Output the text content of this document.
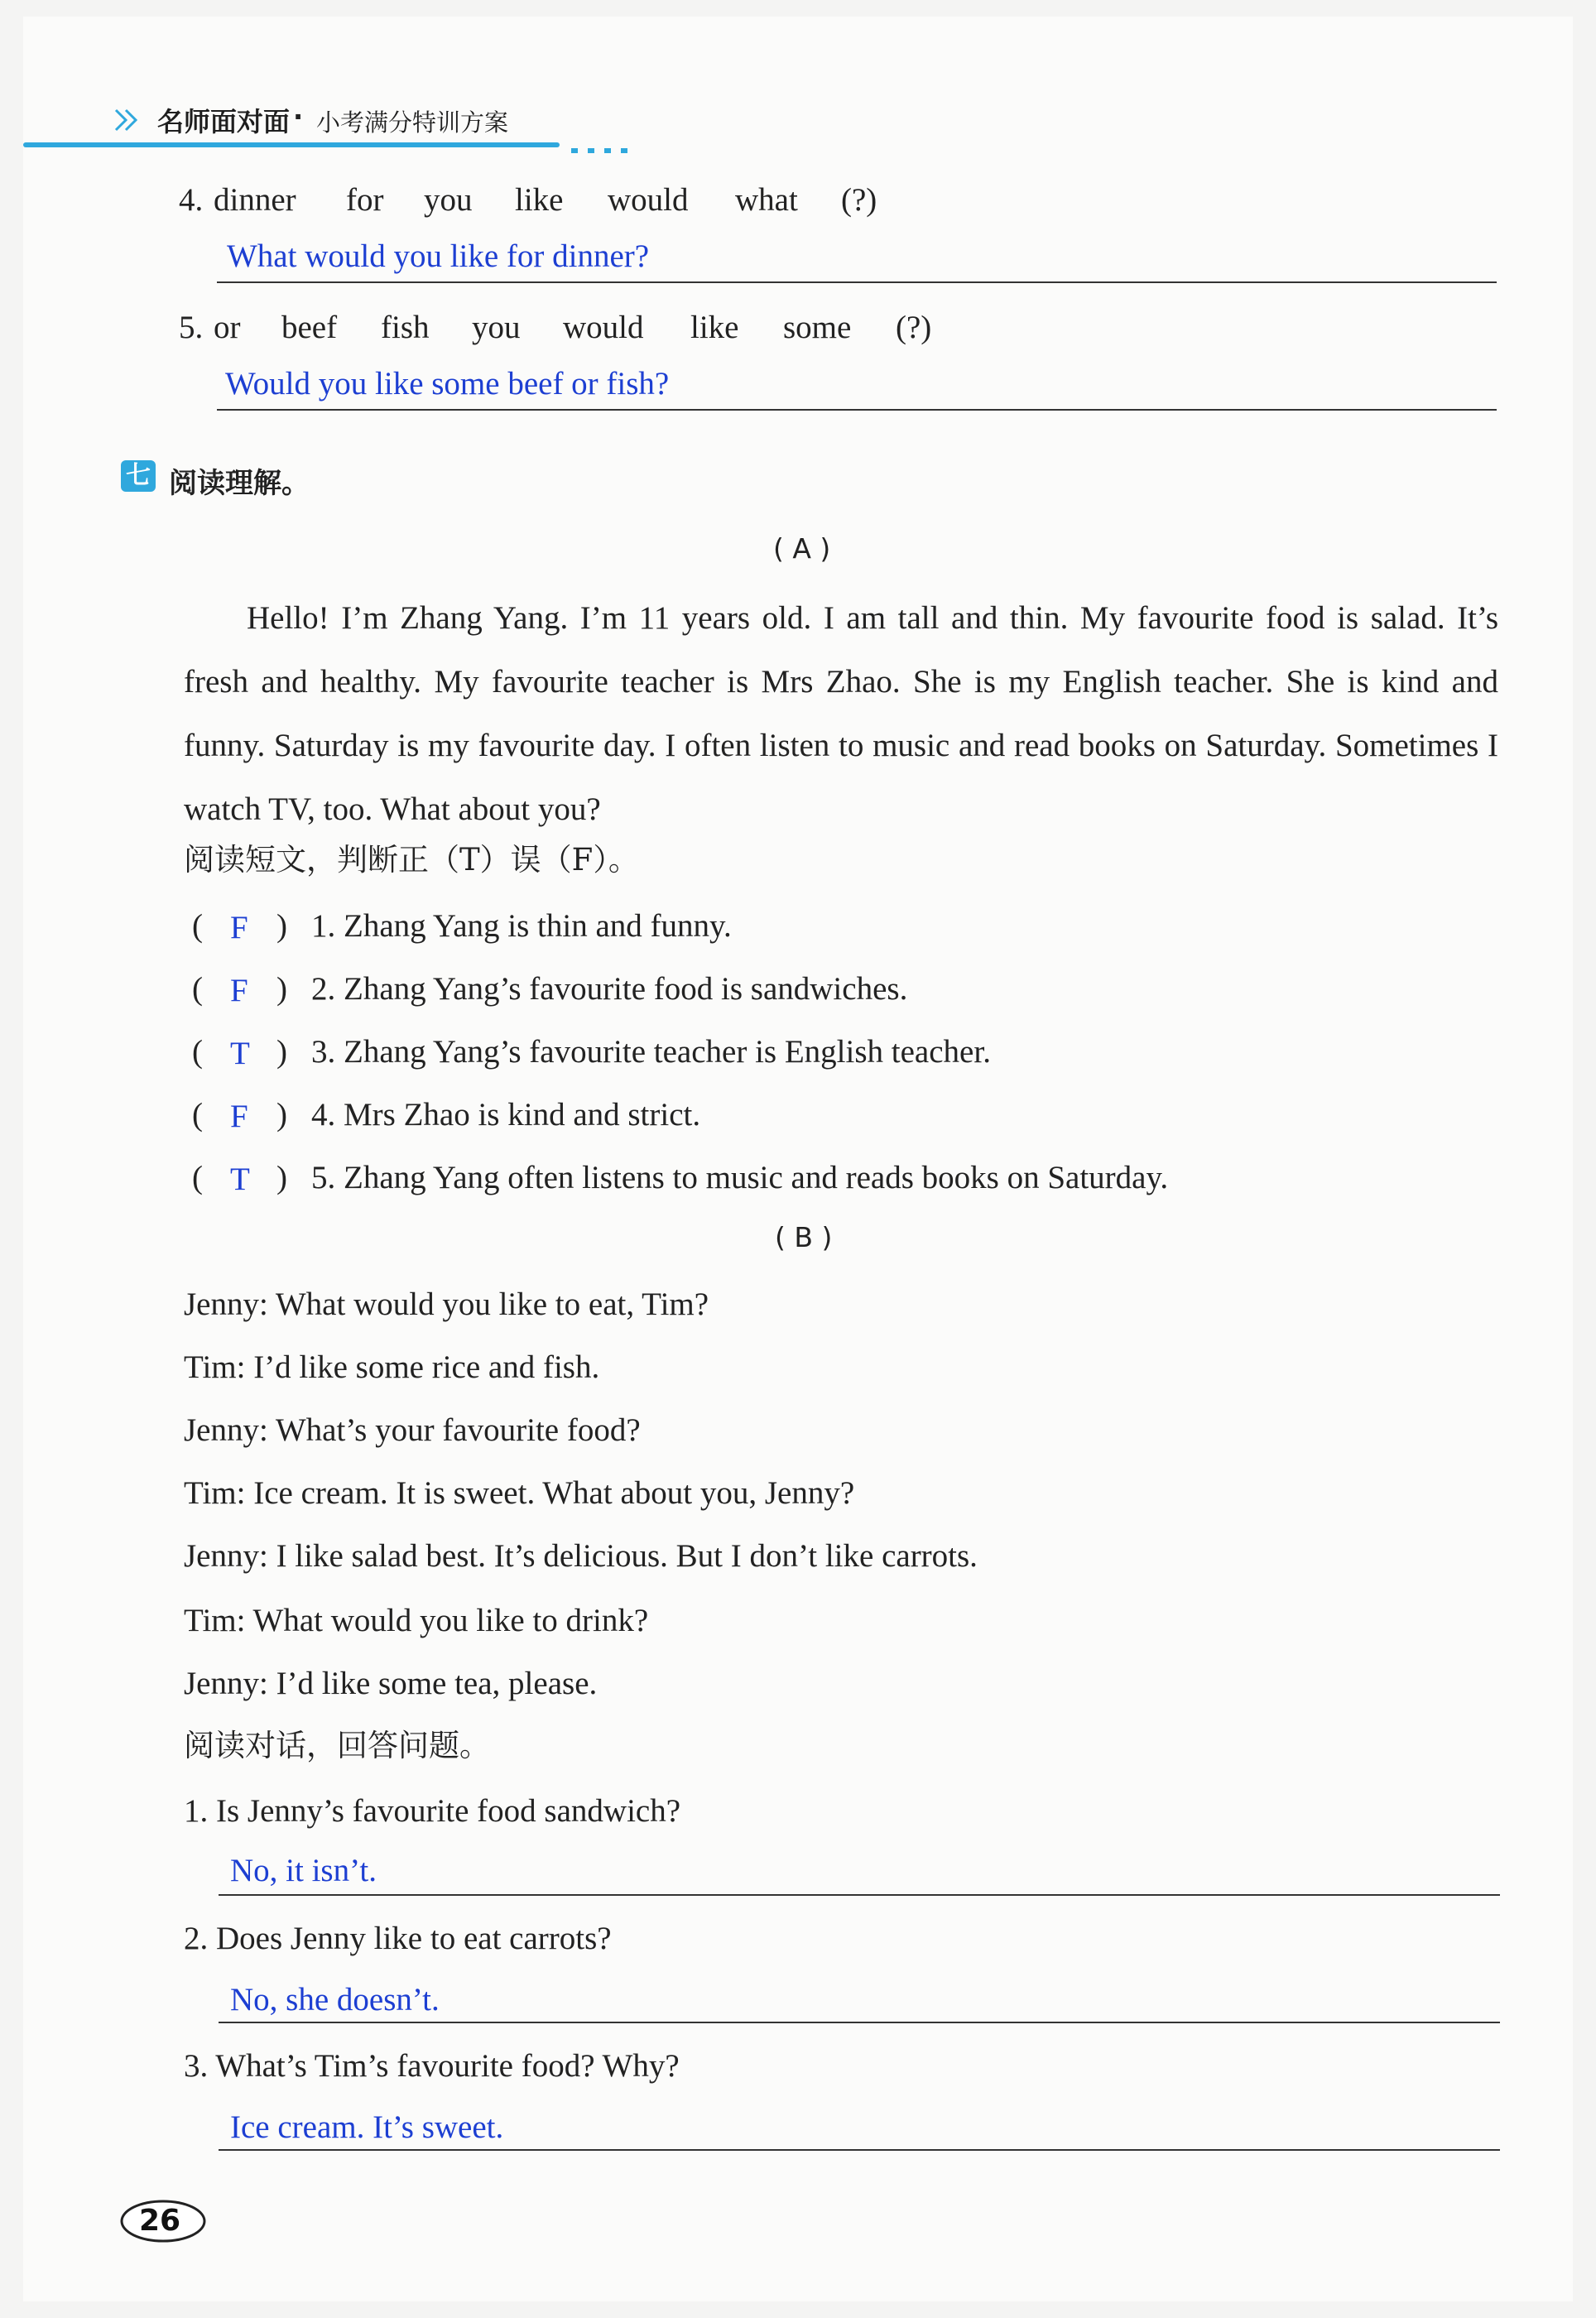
名师面对面 · 小考满分特训方案
4. dinner for you like would what (?)
What would you like for dinner?
5. or beef fish you would like some (?)
Would you like some beef or fish?
七 阅读理解。
( A )

Hello! I’m Zhang Yang. I’m 11 years old. I am tall and thin. My favourite food is salad. It’s fresh and healthy. My favourite teacher is Mrs Zhao. She is my English teacher. She is kind and funny. Saturday is my favourite day. I often listen to music and read books on Saturday. Sometimes I watch TV, too. What about you?

阅读短文，判断正（T）误（F）。
( F ) 1. Zhang Yang is thin and funny.
( F ) 2. Zhang Yang’s favourite food is sandwiches.
( T ) 3. Zhang Yang’s favourite teacher is English teacher.
( F ) 4. Mrs Zhao is kind and strict.
( T ) 5. Zhang Yang often listens to music and reads books on Saturday.
( B )
Jenny: What would you like to eat, Tim?
Tim: I’d like some rice and fish.
Jenny: What’s your favourite food?
Tim: Ice cream. It is sweet. What about you, Jenny?
Jenny: I like salad best. It’s delicious. But I don’t like carrots.
Tim: What would you like to drink?
Jenny: I’d like some tea, please.
阅读对话，回答问题。
1. Is Jenny’s favourite food sandwich?
No, it isn’t.
2. Does Jenny like to eat carrots?
No, she doesn’t.
3. What’s Tim’s favourite food? Why?
Ice cream. It’s sweet.
26
